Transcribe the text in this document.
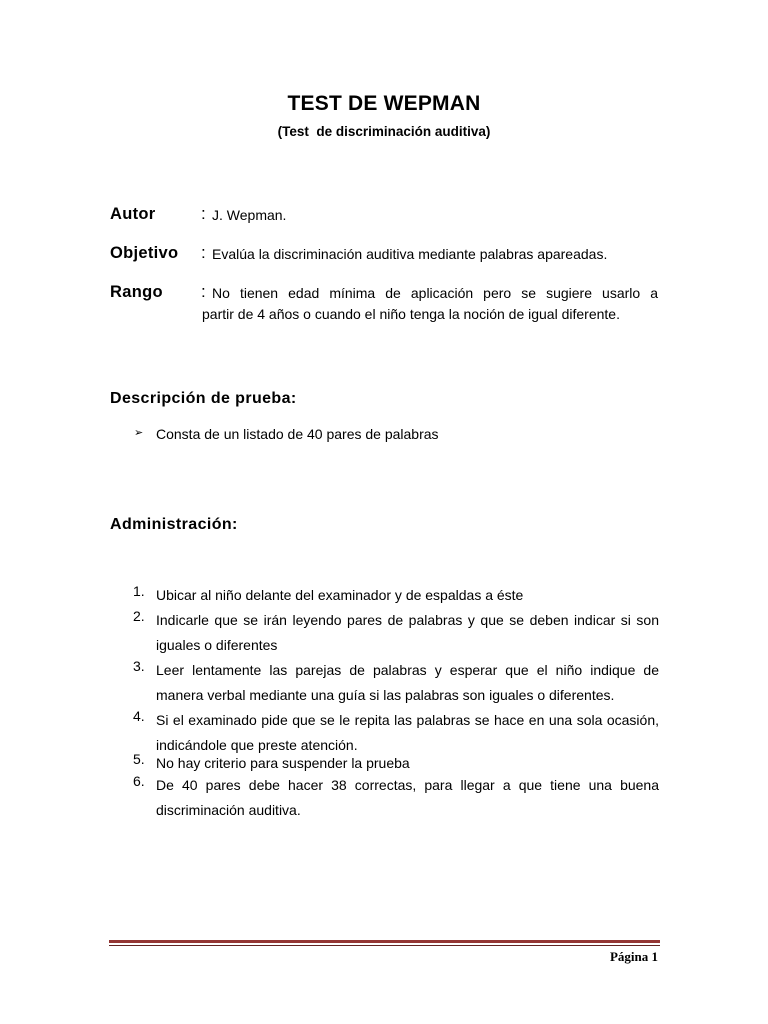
TEST DE WEPMAN
(Test  de discriminación auditiva)
Autor	: J. Wepman.
Objetivo : Evalúa la discriminación auditiva mediante palabras apareadas.
Rango : No tienen edad mínima de aplicación pero se sugiere usarlo a
partir de 4 años o cuando el niño tenga la noción de igual diferente.
Descripción de prueba:
➢ Consta de un listado de 40 pares de palabras
Administración:
1. Ubicar al niño delante del examinador y de espaldas a éste
2. Indicarle que se irán leyendo pares de palabras y que se deben indicar si son iguales o diferentes
3. Leer lentamente las parejas de palabras y esperar que el niño indique de manera verbal mediante una guía si las palabras son iguales o diferentes.
4. Si el examinado pide que se le repita las palabras se hace en una sola ocasión, indicándole que preste atención.
5. No hay criterio para suspender la prueba
6. De 40 pares debe hacer 38 correctas, para llegar a que tiene una buena discriminación auditiva.
Página 1
